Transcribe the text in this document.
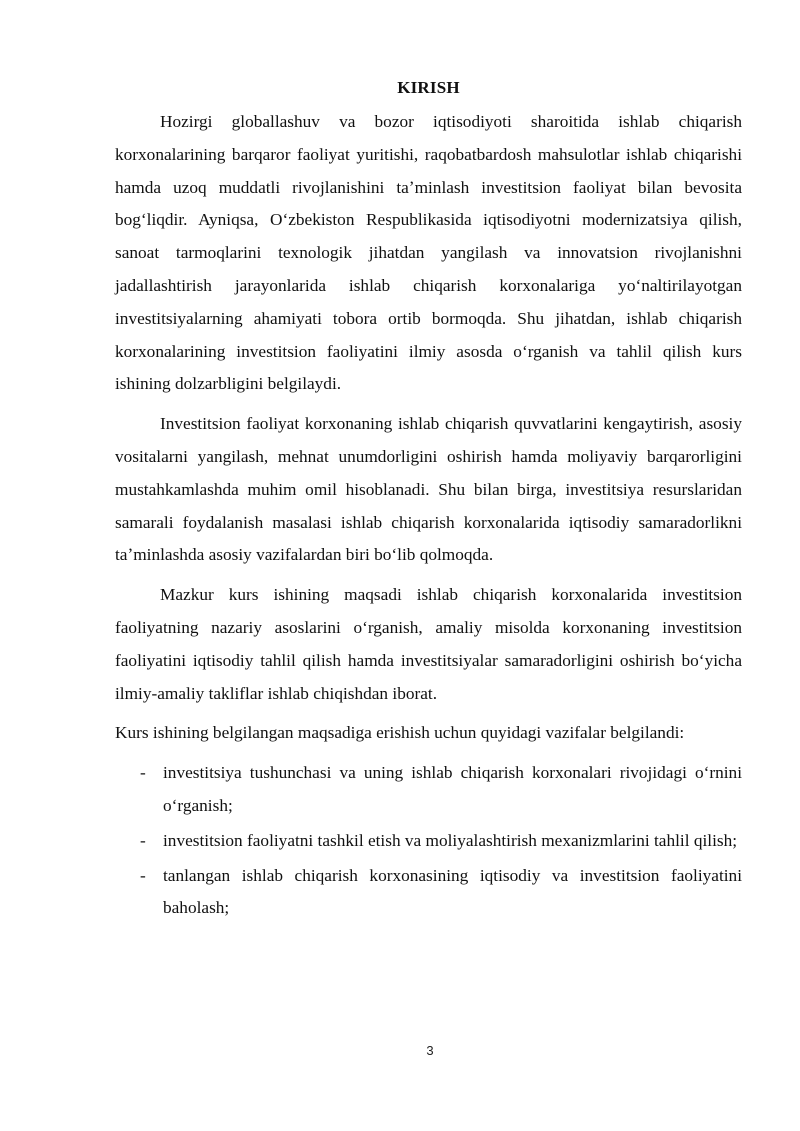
KIRISH

Hozirgi globallashuv va bozor iqtisodiyoti sharoitida ishlab chiqarish korxonalarining barqaror faoliyat yuritishi, raqobatbardosh mahsulotlar ishlab chiqarishi hamda uzoq muddatli rivojlanishini taʼminlash investitsion faoliyat bilan bevosita bogʻliqdir. Ayniqsa, Oʻzbekiston Respublikasida iqtisodiyotni modernizatsiya qilish, sanoat tarmoqlarini texnologik jihatdan yangilash va innovatsion rivojlanishni jadallashtirish jarayonlarida ishlab chiqarish korxonalariga yoʻnaltirilayotgan investitsiyalarning ahamiyati tobora ortib bormoqda. Shu jihatdan, ishlab chiqarish korxonalarining investitsion faoliyatini ilmiy asosda oʻrganish va tahlil qilish kurs ishining dolzarbligini belgilaydi.

Investitsion faoliyat korxonaning ishlab chiqarish quvvatlarini kengaytirish, asosiy vositalarni yangilash, mehnat unumdorligini oshirish hamda moliyaviy barqarorligini mustahkamlashda muhim omil hisoblanadi. Shu bilan birga, investitsiya resurslaridan samarali foydalanish masalasi ishlab chiqarish korxonalarida iqtisodiy samaradorlikni taʼminlashda asosiy vazifalardan biri boʻlib qolmoqda.

Mazkur kurs ishining maqsadi ishlab chiqarish korxonalarida investitsion faoliyatning nazariy asoslarini oʻrganish, amaliy misolda korxonaning investitsion faoliyatini iqtisodiy tahlil qilish hamda investitsiyalar samaradorligini oshirish boʻyicha ilmiy-amaliy takliflar ishlab chiqishdan iborat.

Kurs ishining belgilangan maqsadiga erishish uchun quyidagi vazifalar belgilandi:

- investitsiya tushunchasi va uning ishlab chiqarish korxonalari rivojidagi oʻrnini oʻrganish;
- investitsion faoliyatni tashkil etish va moliyalashtirish mexanizmlarini tahlil qilish;
- tanlangan ishlab chiqarish korxonasining iqtisodiy va investitsion faoliyatini baholash;
3
